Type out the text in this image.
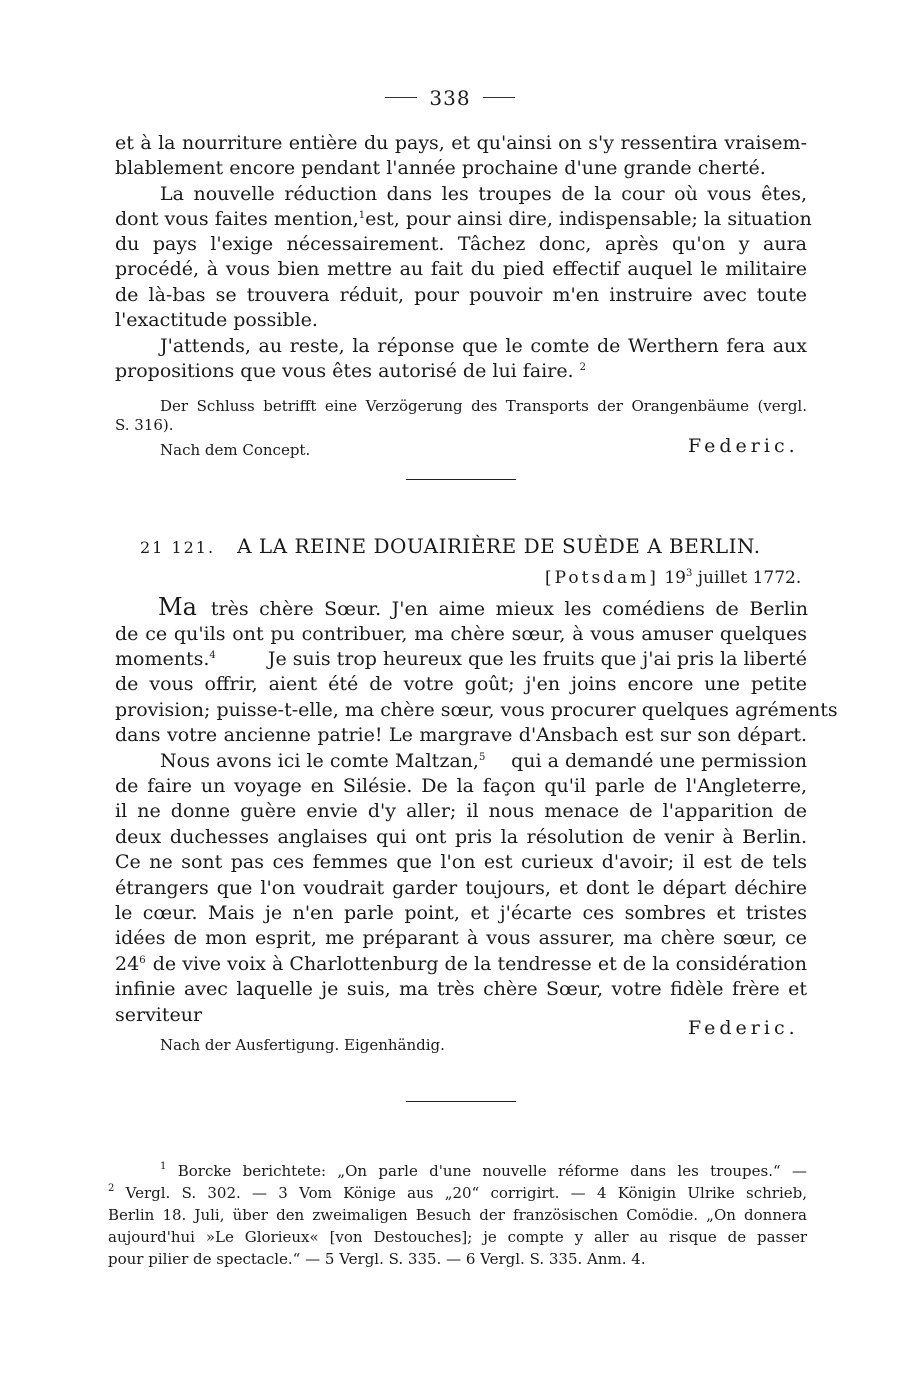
338
et à la nourriture entière du pays, et qu'ainsi on s'y ressentira vraisem-
blablement encore pendant l'année prochaine d'une grande cherté.
La nouvelle réduction dans les troupes de la cour où vous êtes,
dont vous faites mention,$^1$ est, pour ainsi dire, indispensable; la situation
du pays l'exige nécessairement. Tâchez donc, après qu'on y aura
procédé, à vous bien mettre au fait du pied effectif auquel le militaire
de là-bas se trouvera réduit, pour pouvoir m'en instruire avec toute
l'exactitude possible.
J'attends, au reste, la réponse que le comte de Werthern fera aux
propositions que vous êtes autorisé de lui faire. $^2$
Der Schluss betrifft eine Verzögerung des Transports der Orangenbäume (vergl.
S. 316).
Nach dem Concept.	Federic.
21 121. A LA REINE DOUAIRIÈRE DE SUÈDE A BERLIN.
[Potsdam] $19^3$ juillet 1772.
Ma très chère Sœur. J'en aime mieux les comédiens de Berlin
de ce qu'ils ont pu contribuer, ma chère sœur, à vous amuser quelques
moments.$^4$	Je suis trop heureux que les fruits que j'ai pris la liberté
de vous offrir, aient été de votre goût; j'en joins encore une petite
provision; puisse-t-elle, ma chère sœur, vous procurer quelques agréments
dans votre ancienne patrie! Le margrave d'Ansbach est sur son départ.
Nous avons ici le comte Maltzan,$^5$ qui a demandé une permission
de faire un voyage en Silésie. De la façon qu'il parle de l'Angleterre,
il ne donne guère envie d'y aller; il nous menace de l'apparition de
deux duchesses anglaises qui ont pris la résolution de venir à Berlin.
Ce ne sont pas ces femmes que l'on est curieux d'avoir; il est de tels
étrangers que l'on voudrait garder toujours, et dont le départ déchire
le cœur. Mais je n'en parle point, et j'écarte ces sombres et tristes
idées de mon esprit, me préparant à vous assurer, ma chère sœur, ce
$24^6$ de vive voix à Charlottenburg de la tendresse et de la considération
infinie avec laquelle je suis, ma très chère Sœur, votre fidèle frère et
serviteur
Federic.
Nach der Ausfertigung. Eigenhändig.
$^1$ Borcke berichtete: „On parle d'une nouvelle réforme dans les troupes.“ —
$^2$ Vergl. S. 302. — 3 Vom Könige aus „20“ corrigirt. — 4 Königin Ulrike schrieb,
Berlin 18. Juli, über den zweimaligen Besuch der französischen Comödie. „On donnera
aujourd'hui »Le Glorieux« [von Destouches]; je compte y aller au risque de passer
pour pilier de spectacle.“ — 5 Vergl. S. 335. — 6 Vergl. S. 335. Anm. 4.
